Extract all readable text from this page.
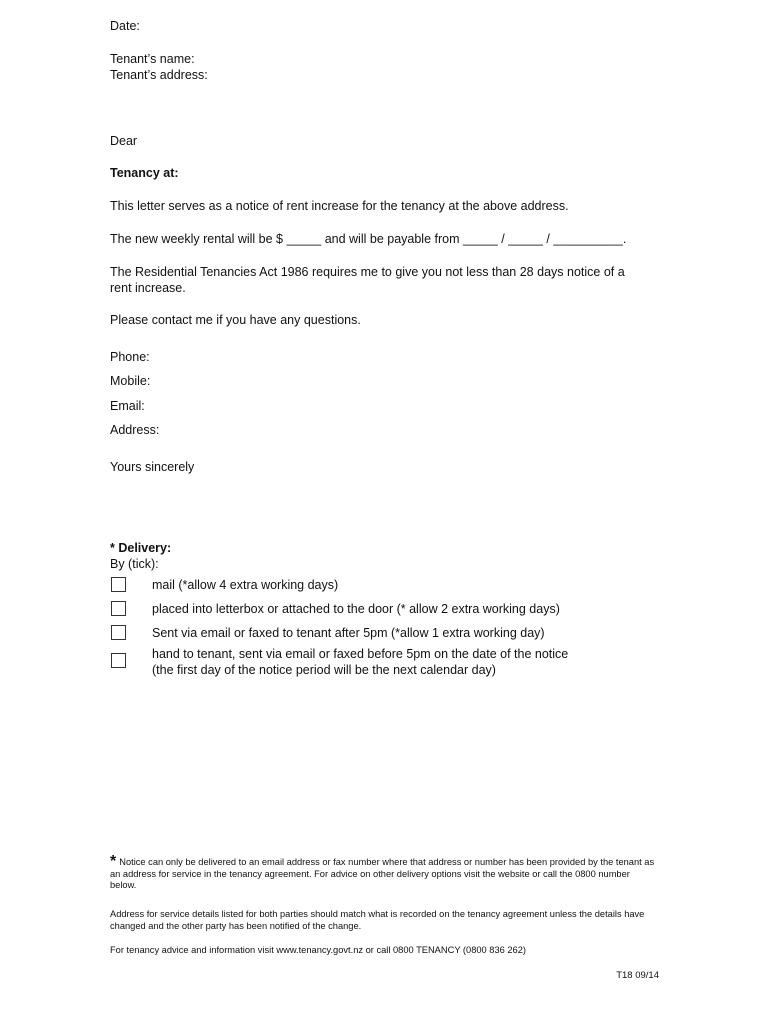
Date:
Tenant’s name:
Tenant’s address:
Dear
Tenancy at:
This letter serves as a notice of rent increase for the tenancy at the above address.
The new weekly rental will be $ _____ and will be payable from _____ / _____ / __________.
The Residential Tenancies Act 1986 requires me to give you not less than 28 days notice of a
rent increase.
Please contact me if you have any questions.
Phone:
Mobile:
Email:
Address:
Yours sincerely
* Delivery:
By (tick):
mail (*allow 4 extra working days)
placed into letterbox or attached to the door (* allow 2 extra working days)
Sent via email or faxed to tenant after 5pm (*allow 1 extra working day)
hand to tenant, sent via email or faxed before 5pm on the date of the notice
(the first day of the notice period will be the next calendar day)
* Notice can only be delivered to an email address or fax number where that address or number has been provided by the tenant as an address for service in the tenancy agreement. For advice on other delivery options visit the website or call the 0800 number below.
Address for service details listed for both parties should match what is recorded on the tenancy agreement unless the details have changed and the other party has been notified of the change.
For tenancy advice and information visit www.tenancy.govt.nz or call 0800 TENANCY (0800 836 262)
T18 09/14
